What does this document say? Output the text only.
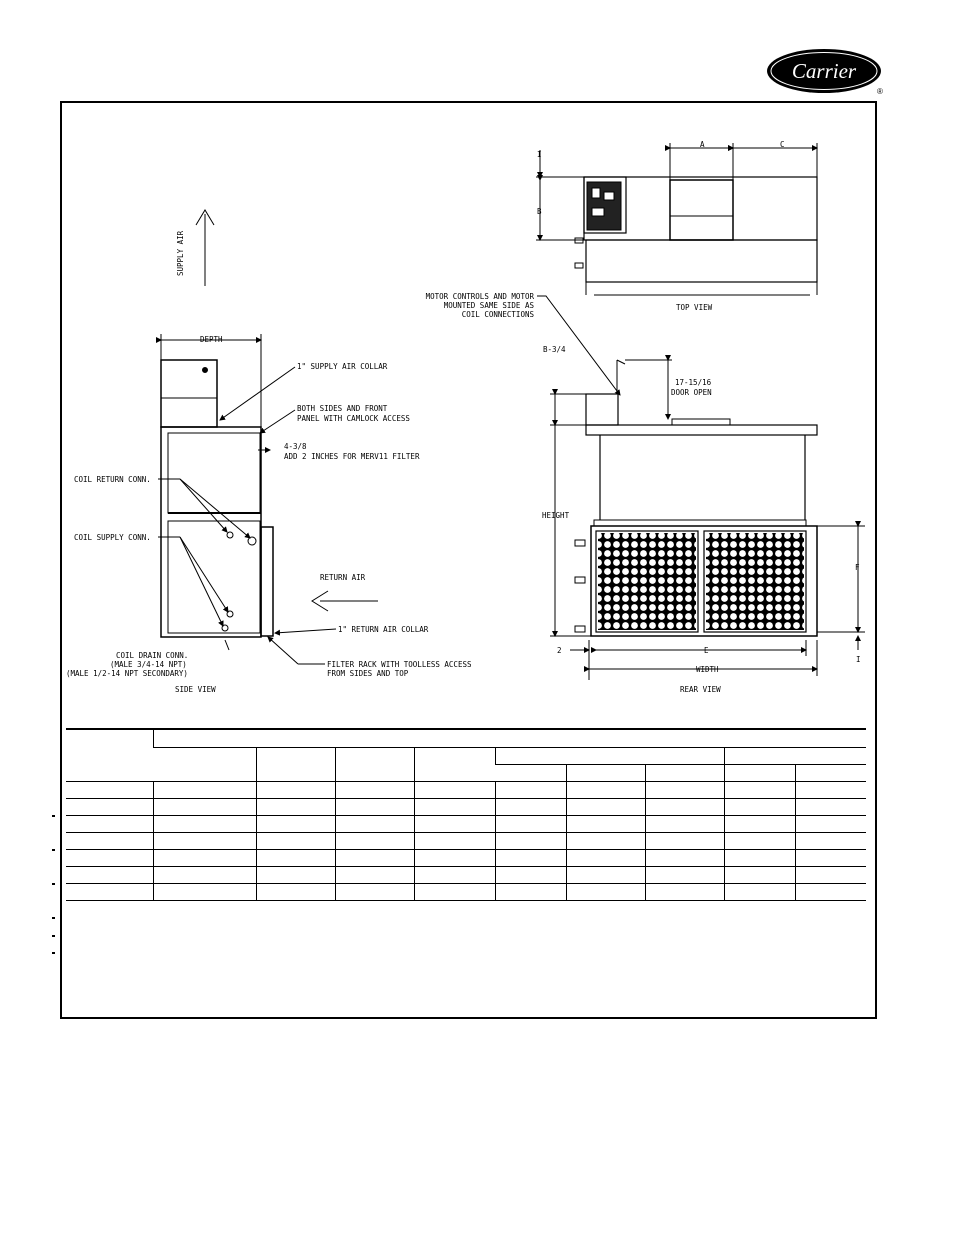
Carrier
®
A	C
I
B
TOP VIEW
MOTOR CONTROLS AND MOTOR
MOUNTED SAME SIDE AS
COIL CONNECTIONS
SUPPLY AIR
DEPTH
1" SUPPLY AIR COLLAR
BOTH SIDES AND FRONT
PANEL WITH CAMLOCK ACCESS
4-3/8
ADD 2 INCHES FOR MERV11 FILTER
COIL RETURN CONN.
COIL SUPPLY CONN.
RETURN AIR
1" RETURN AIR COLLAR
COIL DRAIN CONN.
(MALE 3/4-14 NPT)
(MALE 1/2-14 NPT SECONDARY)
FILTER RACK WITH TOOLLESS ACCESS
FROM SIDES AND TOP
SIDE VIEW
B-3/4
17-15/16
DOOR OPEN
HEIGHT
F
I
2	E
WIDTH
REAR VIEW
